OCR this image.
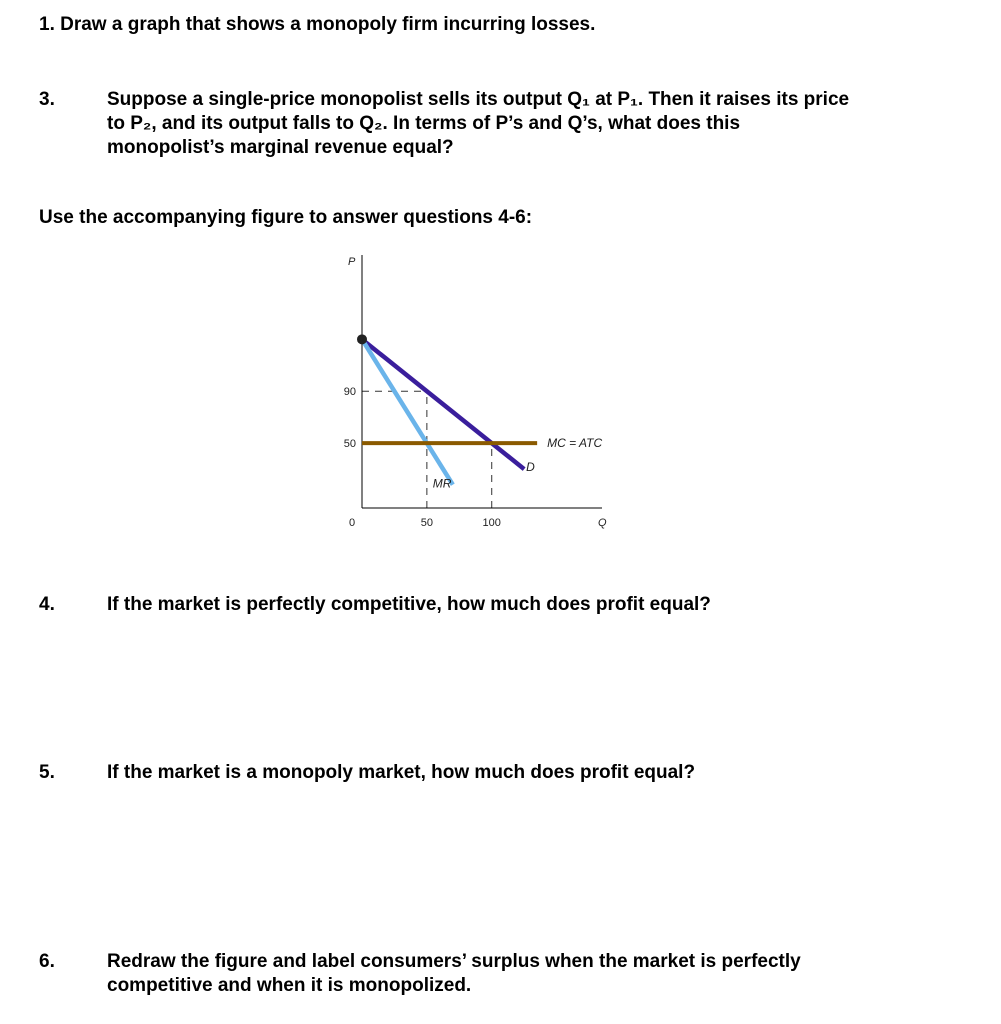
1. Draw a graph that shows a monopoly firm incurring losses.
3.	Suppose a single-price monopolist sells its output Q₁ at P₁. Then it raises its price
to P₂, and its output falls to Q₂. In terms of P’s and Q’s, what does this
monopolist’s marginal revenue equal?
Use the accompanying figure to answer questions 4-6:
D
MR
MC = ATC
P
Q
90
50
0	50	100
4.	If the market is perfectly competitive, how much does profit equal?
5.	If the market is a monopoly market, how much does profit equal?
6.	Redraw the figure and label consumers’ surplus when the market is perfectly
competitive and when it is monopolized.
